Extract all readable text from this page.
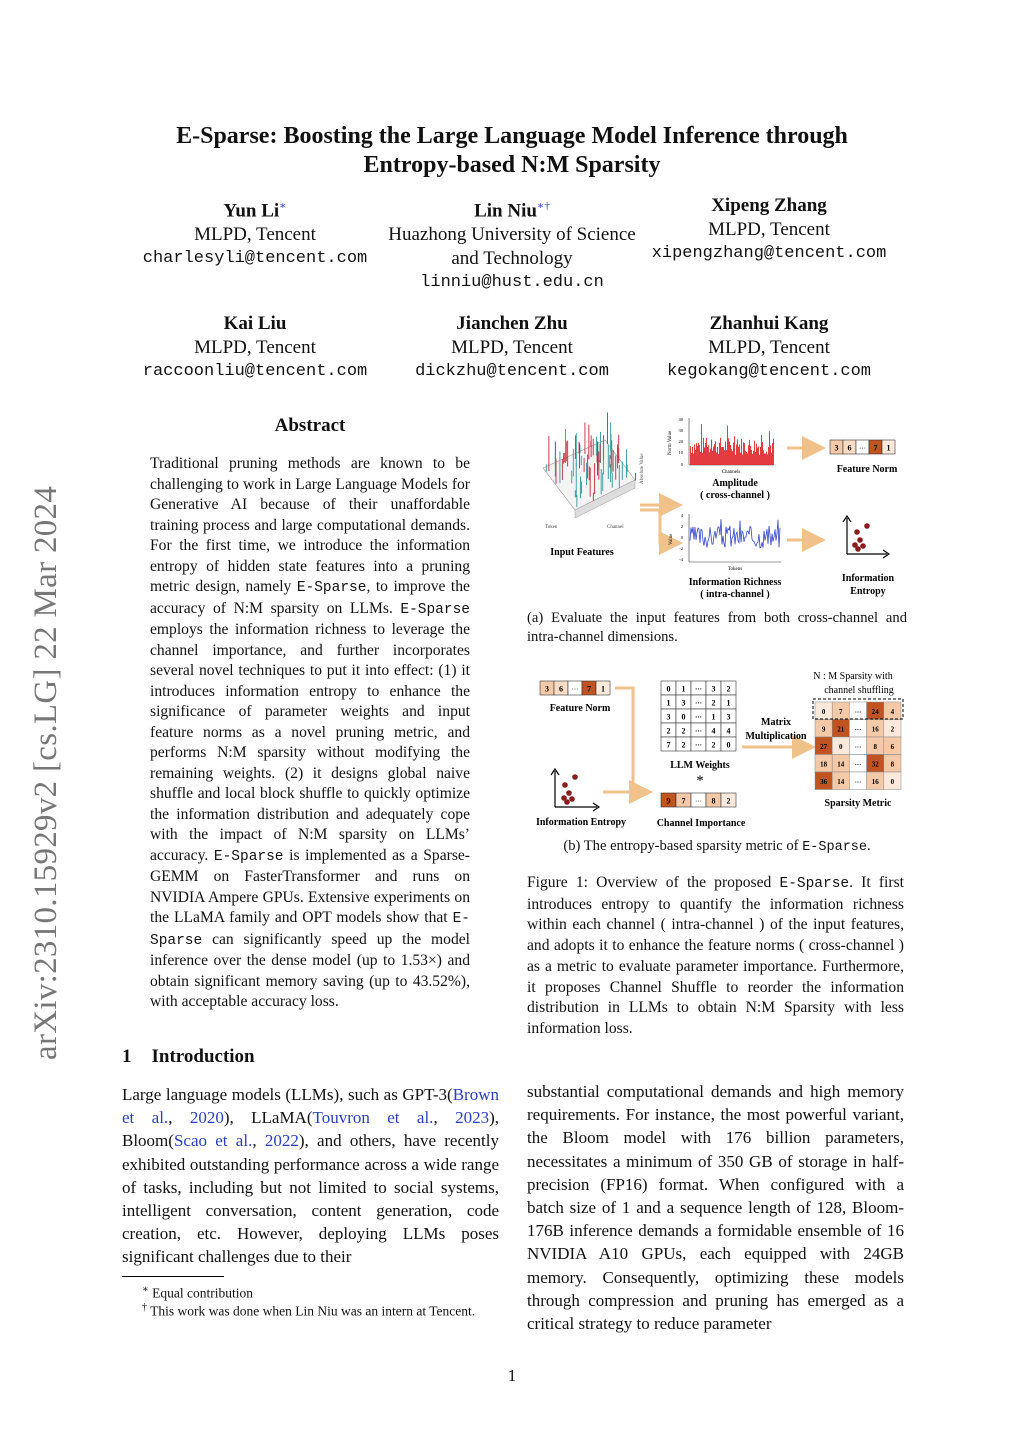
E-Sparse: Boosting the Large Language Model Inference through
Entropy-based N:M Sparsity
Yun Li∗
MLPD, Tencent
charlesyli@tencent.com
Lin Niu∗†
Huazhong University of Science
and Technology
linniu@hust.edu.cn
Xipeng Zhang
MLPD, Tencent
xipengzhang@tencent.com
Kai Liu
MLPD, Tencent
raccoonliu@tencent.com
Jianchen Zhu
MLPD, Tencent
dickzhu@tencent.com
Zhanhui Kang
MLPD, Tencent
kegokang@tencent.com
arXiv:2310.15929v2 [cs.LG] 22 Mar 2024
Abstract
Traditional pruning methods are known to be challenging to work in Large Language Models for Generative AI because of their unaffordable training process and large computational demands. For the first time, we introduce the information entropy of hidden state features into a pruning metric design, namely E-Sparse, to improve the accuracy of N:M sparsity on LLMs. E-Sparse employs the information richness to leverage the channel importance, and further incorporates several novel techniques to put it into effect: (1) it introduces information entropy to enhance the significance of parameter weights and input feature norms as a novel pruning metric, and performs N:M sparsity without modifying the remaining weights. (2) it designs global naive shuffle and local block shuffle to quickly optimize the information distribution and adequately cope with the impact of N:M sparsity on LLMs’ accuracy. E-Sparse is implemented as a Sparse-GEMM on FasterTransformer and runs on NVIDIA Ampere GPUs. Extensive experiments on the LLaMA family and OPT models show that E-Sparse can significantly speed up the model inference over the dense model (up to 1.53×) and obtain significant memory saving (up to 43.52%), with acceptable accuracy loss.
1 Introduction
Large language models (LLMs), such as GPT-3(Brown et al., 2020), LLaMA(Touvron et al., 2023), Bloom(Scao et al., 2022), and others, have recently exhibited outstanding performance across a wide range of tasks, including but not limited to social systems, intelligent conversation, content generation, code creation, etc. However, deploying LLMs poses significant challenges due to their
substantial computational demands and high memory requirements. For instance, the most powerful variant, the Bloom model with 176 billion parameters, necessitates a minimum of 350 GB of storage in half-precision (FP16) format. When configured with a batch size of 1 and a sequence length of 128, Bloom-176B inference demands a formidable ensemble of 16 NVIDIA A10 GPUs, each equipped with 24GB memory. Consequently, optimizing these models through compression and pruning has emerged as a critical strategy to reduce parameter
∗ Equal contribution
† This work was done when Lin Niu was an intern at Tencent.
1
Token	Channel
Absolute Value
Input Features
40
30
20
10
0
Norm Value
Channels
Amplitude
( cross-channel )
4
2
0
-2
-4
Value
Tokens
Information Richness
( intra-channel )
3 6 ··· 7 1
Feature Norm
Information
Entropy
(a) Evaluate the input features from both cross-channel and intra-channel dimensions.
3 6 ··· 7 1
Feature Norm
Information Entropy
0 1 ··· 3 2
1 3 ··· 2 1
3 0 ··· 1 3
2 2 ··· 4 4
7 2 ··· 2 0
LLM Weights
*
9 7 ··· 8 2
Channel Importance
Matrix
Multiplication
N : M Sparsity with
channel shuffling
0 7 ··· 24 4
9 21 ··· 16 2
27 0 ··· 8 6
18 14 ··· 32 8
36 14 ··· 16 0
Sparsity Metric
(b) The entropy-based sparsity metric of E-Sparse.
Figure 1: Overview of the proposed E-Sparse. It first introduces entropy to quantify the information richness within each channel ( intra-channel ) of the input features, and adopts it to enhance the feature norms ( cross-channel ) as a metric to evaluate parameter importance. Furthermore, it proposes Channel Shuffle to reorder the information distribution in LLMs to obtain N:M Sparsity with less information loss.
